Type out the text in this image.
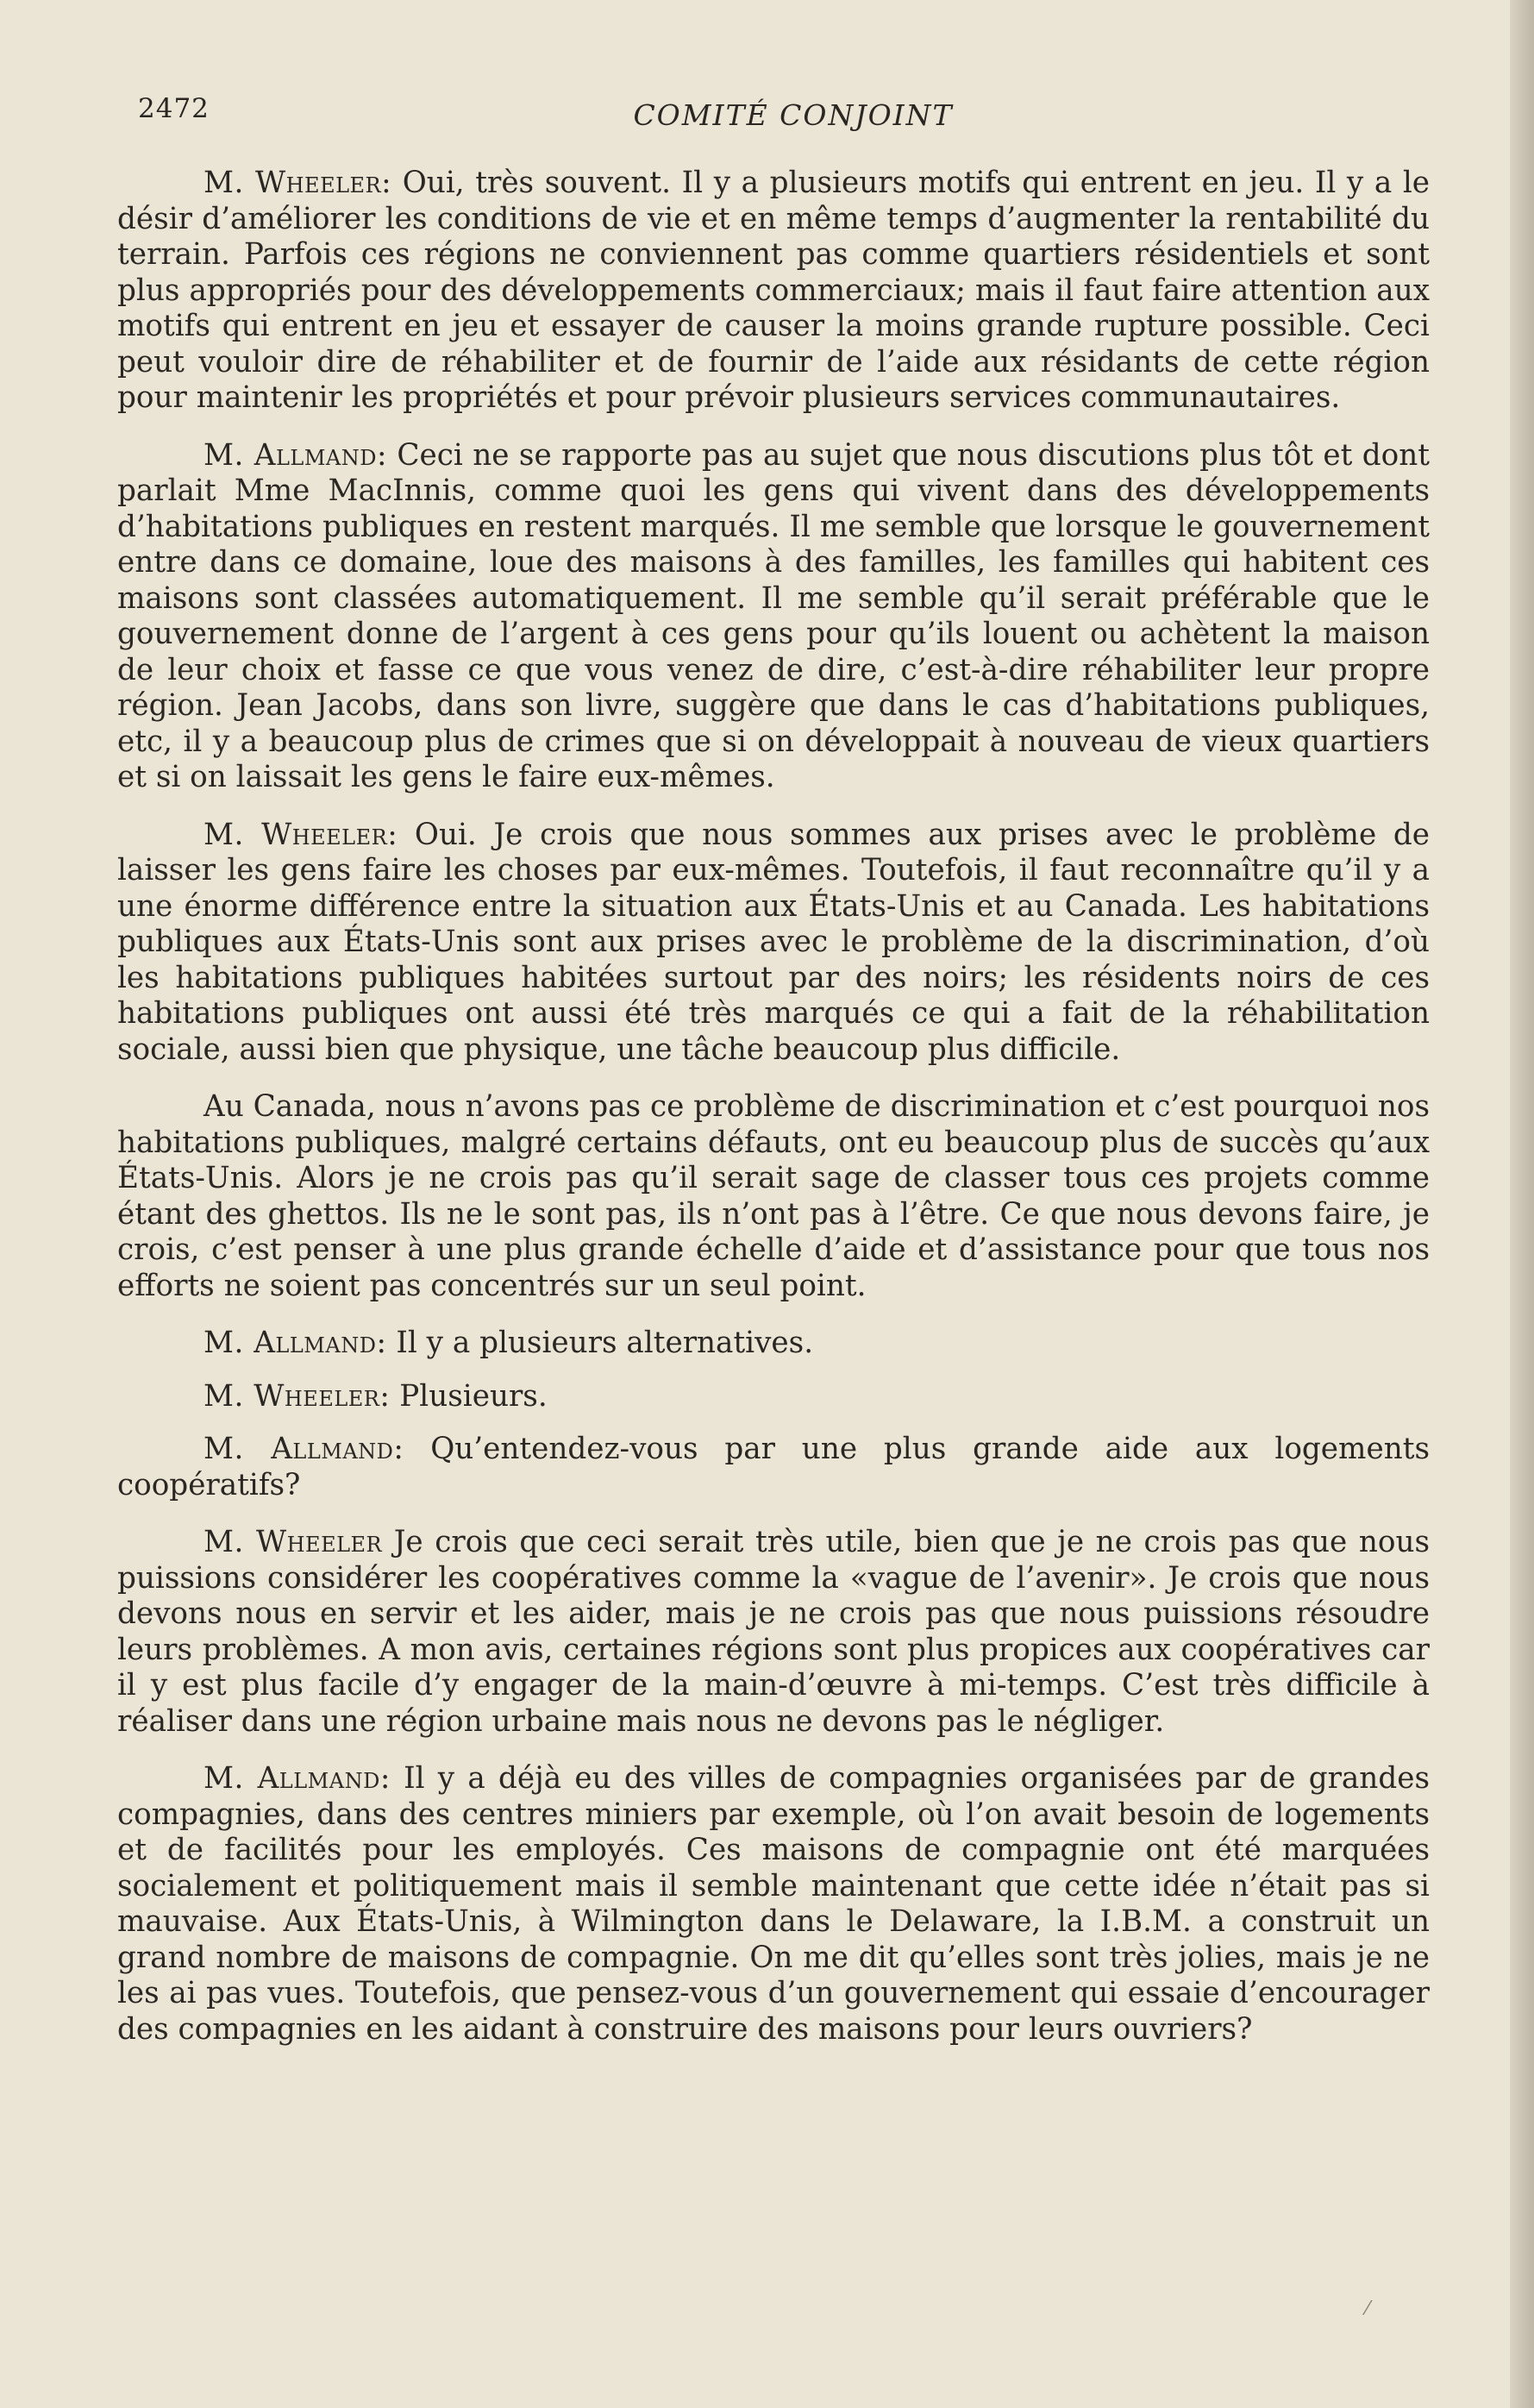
2472	COMITÉ CONJOINT

M. Wheeler: Oui, très souvent. Il y a plusieurs motifs qui entrent en jeu. Il y a le désir d’améliorer les conditions de vie et en même temps d’augmenter la rentabilité du terrain. Parfois ces régions ne conviennent pas comme quartiers résidentiels et sont plus appropriés pour des développements commerciaux; mais il faut faire attention aux motifs qui entrent en jeu et essayer de causer la moins grande rupture possible. Ceci peut vouloir dire de réhabiliter et de fournir de l’aide aux résidants de cette région pour maintenir les propriétés et pour prévoir plusieurs services communautaires.

M. Allmand: Ceci ne se rapporte pas au sujet que nous discutions plus tôt et dont parlait Mme MacInnis, comme quoi les gens qui vivent dans des développements d’habitations publiques en restent marqués. Il me semble que lorsque le gouvernement entre dans ce domaine, loue des maisons à des familles, les familles qui habitent ces maisons sont classées automatiquement. Il me semble qu’il serait préférable que le gouvernement donne de l’argent à ces gens pour qu’ils louent ou achètent la maison de leur choix et fasse ce que vous venez de dire, c’est-à-dire réhabiliter leur propre région. Jean Jacobs, dans son livre, suggère que dans le cas d’habitations publiques, etc, il y a beaucoup plus de crimes que si on développait à nouveau de vieux quartiers et si on laissait les gens le faire eux-mêmes.

M. Wheeler: Oui. Je crois que nous sommes aux prises avec le problème de laisser les gens faire les choses par eux-mêmes. Toutefois, il faut reconnaître qu’il y a une énorme différence entre la situation aux États-Unis et au Canada. Les habitations publiques aux États-Unis sont aux prises avec le problème de la discrimination, d’où les habitations publiques habitées surtout par des noirs; les résidents noirs de ces habitations publiques ont aussi été très marqués ce qui a fait de la réhabilitation sociale, aussi bien que physique, une tâche beaucoup plus difficile.

Au Canada, nous n’avons pas ce problème de discrimination et c’est pourquoi nos habitations publiques, malgré certains défauts, ont eu beaucoup plus de succès qu’aux États-Unis. Alors je ne crois pas qu’il serait sage de classer tous ces projets comme étant des ghettos. Ils ne le sont pas, ils n’ont pas à l’être. Ce que nous devons faire, je crois, c’est penser à une plus grande échelle d’aide et d’assistance pour que tous nos efforts ne soient pas concentrés sur un seul point.

M. Allmand: Il y a plusieurs alternatives.

M. Wheeler: Plusieurs.

M. Allmand: Qu’entendez-vous par une plus grande aide aux logements coopératifs?

M. Wheeler Je crois que ceci serait très utile, bien que je ne crois pas que nous puissions considérer les coopératives comme la «vague de l’avenir». Je crois que nous devons nous en servir et les aider, mais je ne crois pas que nous puissions résoudre leurs problèmes. A mon avis, certaines régions sont plus propices aux coopératives car il y est plus facile d’y engager de la main-d’œuvre à mi-temps. C’est très difficile à réaliser dans une région urbaine mais nous ne devons pas le négliger.

M. Allmand: Il y a déjà eu des villes de compagnies organisées par de grandes compagnies, dans des centres miniers par exemple, où l’on avait besoin de logements et de facilités pour les employés. Ces maisons de compagnie ont été marquées socialement et politiquement mais il semble maintenant que cette idée n’était pas si mauvaise. Aux États-Unis, à Wilmington dans le Delaware, la I.B.M. a construit un grand nombre de maisons de compagnie. On me dit qu’elles sont très jolies, mais je ne les ai pas vues. Toutefois, que pensez-vous d’un gouvernement qui essaie d’encourager des compagnies en les aidant à construire des maisons pour leurs ouvriers?

⁄
